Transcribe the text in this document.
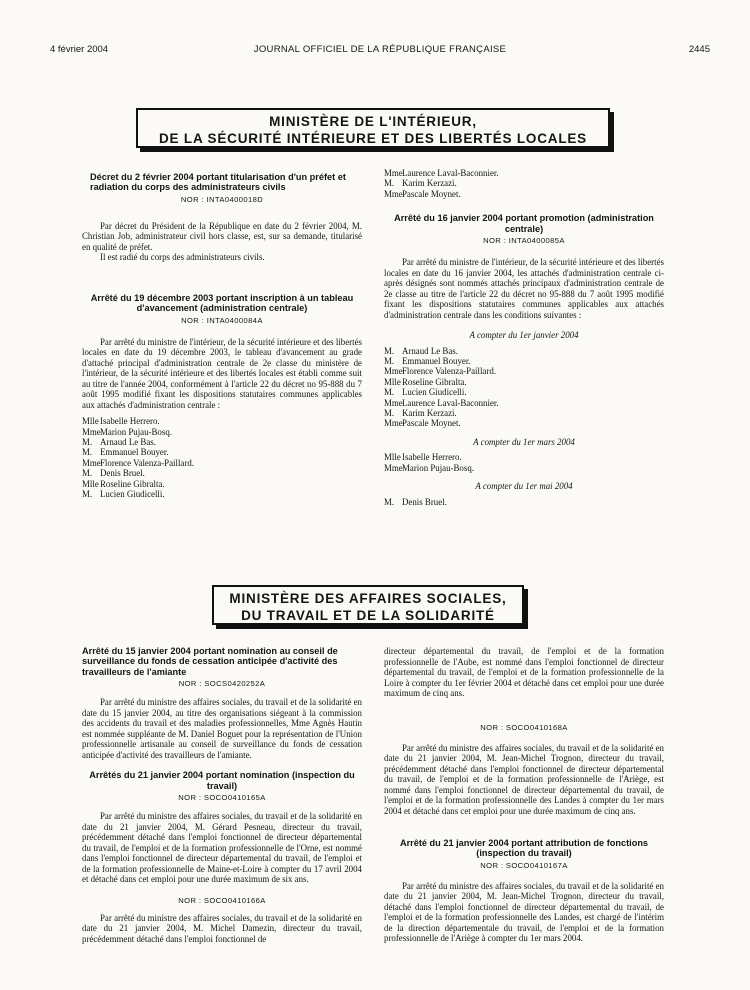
4 février 2004	JOURNAL OFFICIEL DE LA RÉPUBLIQUE FRANÇAISE	2445
MINISTÈRE DE L'INTÉRIEUR,
DE LA SÉCURITÉ INTÉRIEURE ET DES LIBERTÉS LOCALES
Décret du 2 février 2004 portant titularisation d'un préfet et radiation du corps des administrateurs civils
NOR : INTA0400018D

Par décret du Président de la République en date du 2 février 2004, M. Christian Job, administrateur civil hors classe, est, sur sa demande, titularisé en qualité de préfet.

Il est radié du corps des administrateurs civils.

Arrêté du 19 décembre 2003 portant inscription à un tableau d'avancement (administration centrale)
NOR : INTA0400084A

Par arrêté du ministre de l'intérieur, de la sécurité intérieure et des libertés locales en date du 19 décembre 2003, le tableau d'avancement au grade d'attaché principal d'administration centrale de 2e classe du ministère de l'intérieur, de la sécurité intérieure et des libertés locales est établi comme suit au titre de l'année 2004, conformément à l'article 22 du décret no 95-888 du 7 août 1995 modifié fixant les dispositions statutaires communes applicables aux attachés d'administration centrale :

MlleIsabelle Herrero.
MmeMarion Pujau-Bosq.
M. Arnaud Le Bas.
M. Emmanuel Bouyer.
MmeFlorence Valenza-Paillard.
M. Denis Bruel.
MlleRoseline Gibralta.
M. Lucien Giudicelli.
MmeLaurence Laval-Baconnier.
M. Karim Kerzazi.
MmePascale Moynet.
Arrêté du 16 janvier 2004 portant promotion (administration centrale)
NOR : INTA0400085A

Par arrêté du ministre de l'intérieur, de la sécurité intérieure et des libertés locales en date du 16 janvier 2004, les attachés d'administration centrale ci-après désignés sont nommés attachés principaux d'administration centrale de 2e classe au titre de l'article 22 du décret no 95-888 du 7 août 1995 modifié fixant les dispositions statutaires communes applicables aux attachés d'administration centrale dans les conditions suivantes :

A compter du 1er janvier 2004

M. Arnaud Le Bas.
M. Emmanuel Bouyer.
MmeFlorence Valenza-Paillard.
MlleRoseline Gibralta.
M. Lucien Giudicelli.
MmeLaurence Laval-Baconnier.
M. Karim Kerzazi.
MmePascale Moynet.

A compter du 1er mars 2004

MlleIsabelle Herrero.
MmeMarion Pujau-Bosq.

A compter du 1er mai 2004

M. Denis Bruel.
MINISTÈRE DES AFFAIRES SOCIALES,
DU TRAVAIL ET DE LA SOLIDARITÉ
Arrêté du 15 janvier 2004 portant nomination au conseil de surveillance du fonds de cessation anticipée d'activité des travailleurs de l'amiante
NOR : SOCS0420252A

Par arrêté du ministre des affaires sociales, du travail et de la solidarité en date du 15 janvier 2004, au titre des organisations siégeant à la commission des accidents du travail et des maladies professionnelles, Mme Agnès Hautin est nommée suppléante de M. Daniel Boguet pour la représentation de l'Union professionnelle artisanale au conseil de surveillance du fonds de cessation anticipée d'activité des travailleurs de l'amiante.

Arrêtés du 21 janvier 2004 portant nomination (inspection du travail)
NOR : SOCO0410165A

Par arrêté du ministre des affaires sociales, du travail et de la solidarité en date du 21 janvier 2004, M. Gérard Pesneau, directeur du travail, précédemment détaché dans l'emploi fonctionnel de directeur départemental du travail, de l'emploi et de la formation professionnelle de l'Orne, est nommé dans l'emploi fonctionnel de directeur départemental du travail, de l'emploi et de la formation professionnelle de Maine-et-Loire à compter du 17 avril 2004 et détaché dans cet emploi pour une durée maximum de six ans.

NOR : SOCO0410166A

Par arrêté du ministre des affaires sociales, du travail et de la solidarité en date du 21 janvier 2004, M. Michel Damezin, directeur du travail, précédemment détaché dans l'emploi fonctionnel de

directeur départemental du travail, de l'emploi et de la formation professionnelle de l'Aube, est nommé dans l'emploi fonctionnel de directeur départemental du travail, de l'emploi et de la formation professionnelle de la Loire à compter du 1er février 2004 et détaché dans cet emploi pour une durée maximum de cinq ans.

NOR : SOCO0410168A

Par arrêté du ministre des affaires sociales, du travail et de la solidarité en date du 21 janvier 2004, M. Jean-Michel Trognon, directeur du travail, précédemment détaché dans l'emploi fonctionnel de directeur départemental du travail, de l'emploi et de la formation professionnelle de l'Ariège, est nommé dans l'emploi fonctionnel de directeur départemental du travail, de l'emploi et de la formation professionnelle des Landes à compter du 1er mars 2004 et détaché dans cet emploi pour une durée maximum de cinq ans.

Arrêté du 21 janvier 2004 portant attribution de fonctions (inspection du travail)
NOR : SOCO0410167A

Par arrêté du ministre des affaires sociales, du travail et de la solidarité en date du 21 janvier 2004, M. Jean-Michel Trognon, directeur du travail, détaché dans l'emploi fonctionnel de directeur départemental du travail, de l'emploi et de la formation professionnelle des Landes, est chargé de l'intérim de la direction départementale du travail, de l'emploi et de la formation professionnelle de l'Ariège à compter du 1er mars 2004.
